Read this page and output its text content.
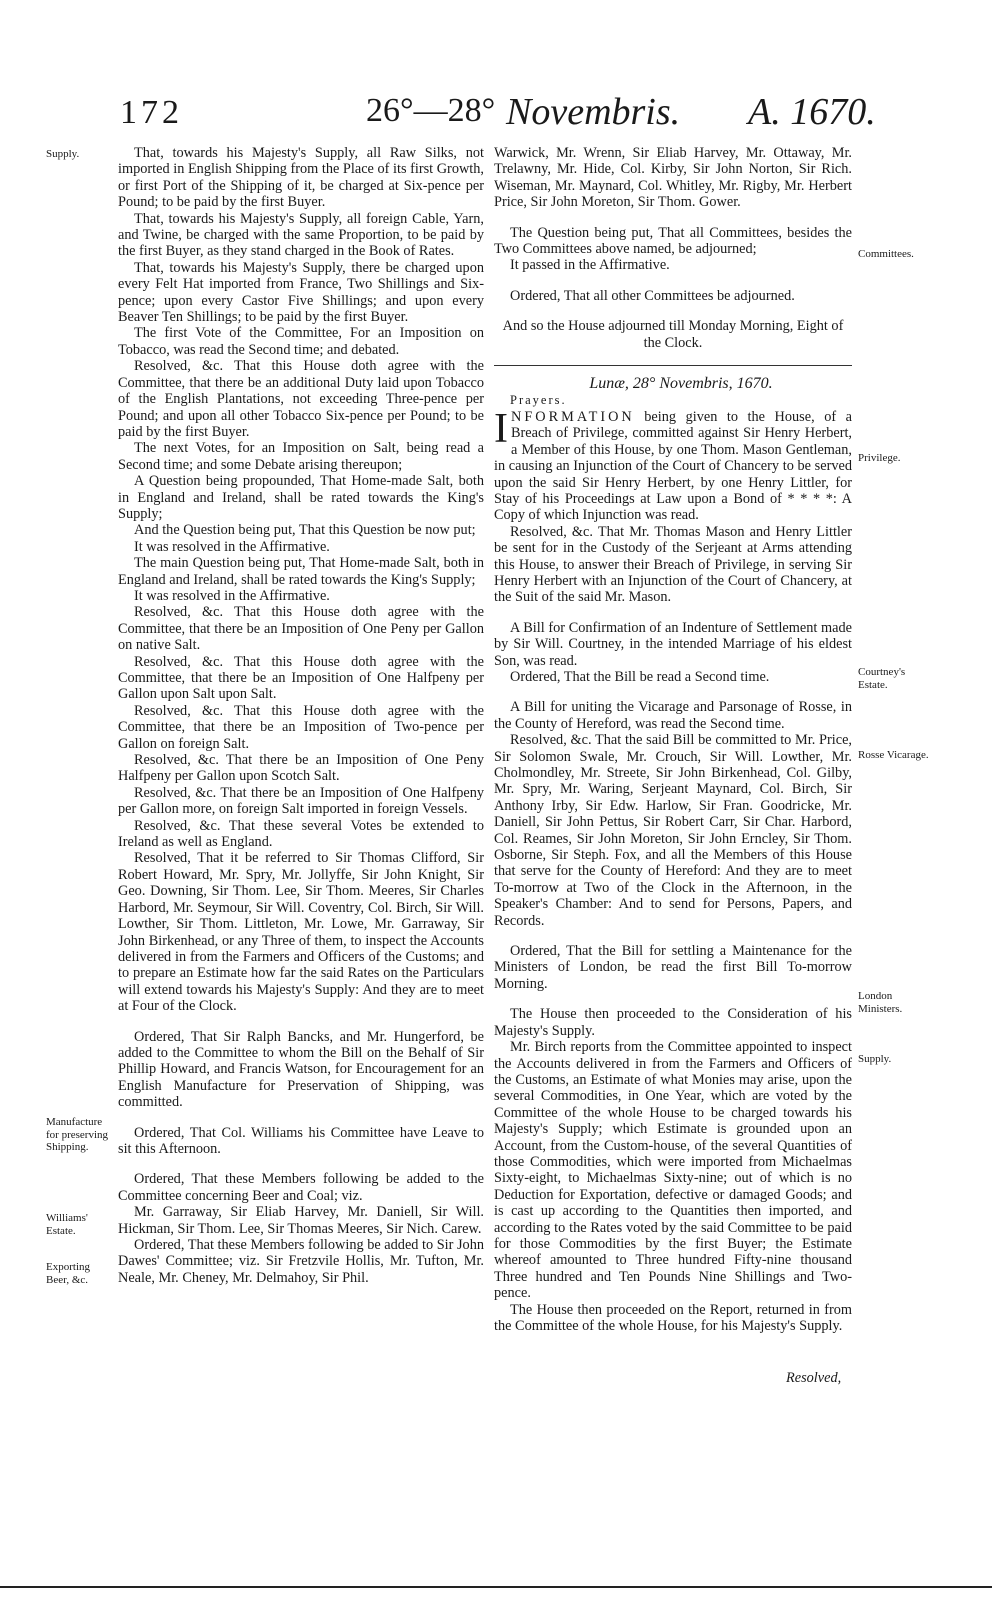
172	26°—28° Novembris. A. 1670.
Supply.
Manufacture for preserving Shipping.
Williams' Estate.
Exporting Beer, &c.
Committees.
Privilege.
Courtney's Estate.
Rosse Vicarage.
London Ministers.
Supply.

That, towards his Majesty's Supply, all Raw Silks, not imported in English Shipping from the Place of its first Growth, or first Port of the Shipping of it, be charged at Six-pence per Pound; to be paid by the first Buyer.

That, towards his Majesty's Supply, all foreign Cable, Yarn, and Twine, be charged with the same Proportion, to be paid by the first Buyer, as they stand charged in the Book of Rates.

That, towards his Majesty's Supply, there be charged upon every Felt Hat imported from France, Two Shillings and Six-pence; upon every Castor Five Shillings; and upon every Beaver Ten Shillings; to be paid by the first Buyer.

The first Vote of the Committee, For an Imposition on Tobacco, was read the Second time; and debated.

Resolved, &c. That this House doth agree with the Committee, that there be an additional Duty laid upon Tobacco of the English Plantations, not exceeding Three-pence per Pound; and upon all other Tobacco Six-pence per Pound; to be paid by the first Buyer.

The next Votes, for an Imposition on Salt, being read a Second time; and some Debate arising thereupon;

A Question being propounded, That Home-made Salt, both in England and Ireland, shall be rated towards the King's Supply;

And the Question being put, That this Question be now put;

It was resolved in the Affirmative.

The main Question being put, That Home-made Salt, both in England and Ireland, shall be rated towards the King's Supply;

It was resolved in the Affirmative.

Resolved, &c. That this House doth agree with the Committee, that there be an Imposition of One Peny per Gallon on native Salt.

Resolved, &c. That this House doth agree with the Committee, that there be an Imposition of One Halfpeny per Gallon upon Salt upon Salt.

Resolved, &c. That this House doth agree with the Committee, that there be an Imposition of Two-pence per Gallon on foreign Salt.

Resolved, &c. That there be an Imposition of One Peny Halfpeny per Gallon upon Scotch Salt.

Resolved, &c. That there be an Imposition of One Halfpeny per Gallon more, on foreign Salt imported in foreign Vessels.

Resolved, &c. That these several Votes be extended to Ireland as well as England.

Resolved, That it be referred to Sir Thomas Clifford, Sir Robert Howard, Mr. Spry, Mr. Jollyffe, Sir John Knight, Sir Geo. Downing, Sir Thom. Lee, Sir Thom. Meeres, Sir Charles Harbord, Mr. Seymour, Sir Will. Coventry, Col. Birch, Sir Will. Lowther, Sir Thom. Littleton, Mr. Lowe, Mr. Garraway, Sir John Birkenhead, or any Three of them, to inspect the Accounts delivered in from the Farmers and Officers of the Customs; and to prepare an Estimate how far the said Rates on the Particulars will extend towards his Majesty's Supply: And they are to meet at Four of the Clock.

Ordered, That Sir Ralph Bancks, and Mr. Hungerford, be added to the Committee to whom the Bill on the Behalf of Sir Phillip Howard, and Francis Watson, for Encouragement for an English Manufacture for Preservation of Shipping, was committed.

Ordered, That Col. Williams his Committee have Leave to sit this Afternoon.

Ordered, That these Members following be added to the Committee concerning Beer and Coal; viz.

Mr. Garraway, Sir Eliab Harvey, Mr. Daniell, Sir Will. Hickman, Sir Thom. Lee, Sir Thomas Meeres, Sir Nich. Carew.

Ordered, That these Members following be added to Sir John Dawes' Committee; viz. Sir Fretzvile Hollis, Mr. Tufton, Mr. Neale, Mr. Cheney, Mr. Delmahoy, Sir Phil.

Warwick, Mr. Wrenn, Sir Eliab Harvey, Mr. Ottaway, Mr. Trelawny, Mr. Hide, Col. Kirby, Sir John Norton, Sir Rich. Wiseman, Mr. Maynard, Col. Whitley, Mr. Rigby, Mr. Herbert Price, Sir John Moreton, Sir Thom. Gower.

The Question being put, That all Committees, besides the Two Committees above named, be adjourned;

It passed in the Affirmative.

Ordered, That all other Committees be adjourned.

And so the House adjourned till Monday Morning, Eight of the Clock.

Lunæ, 28° Novembris, 1670.

Prayers.

INFORMATION being given to the House, of a Breach of Privilege, committed against Sir Henry Herbert, a Member of this House, by one Thom. Mason Gentleman, in causing an Injunction of the Court of Chancery to be served upon the said Sir Henry Herbert, by one Henry Littler, for Stay of his Proceedings at Law upon a Bond of * * * *: A Copy of which Injunction was read.

Resolved, &c. That Mr. Thomas Mason and Henry Littler be sent for in the Custody of the Serjeant at Arms attending this House, to answer their Breach of Privilege, in serving Sir Henry Herbert with an Injunction of the Court of Chancery, at the Suit of the said Mr. Mason.

A Bill for Confirmation of an Indenture of Settlement made by Sir Will. Courtney, in the intended Marriage of his eldest Son, was read.

Ordered, That the Bill be read a Second time.

A Bill for uniting the Vicarage and Parsonage of Rosse, in the County of Hereford, was read the Second time.

Resolved, &c. That the said Bill be committed to Mr. Price, Sir Solomon Swale, Mr. Crouch, Sir Will. Lowther, Mr. Cholmondley, Mr. Streete, Sir John Birkenhead, Col. Gilby, Mr. Spry, Mr. Waring, Serjeant Maynard, Col. Birch, Sir Anthony Irby, Sir Edw. Harlow, Sir Fran. Goodricke, Mr. Daniell, Sir John Pettus, Sir Robert Carr, Sir Char. Harbord, Col. Reames, Sir John Moreton, Sir John Erncley, Sir Thom. Osborne, Sir Steph. Fox, and all the Members of this House that serve for the County of Hereford: And they are to meet To-morrow at Two of the Clock in the Afternoon, in the Speaker's Chamber: And to send for Persons, Papers, and Records.

Ordered, That the Bill for settling a Maintenance for the Ministers of London, be read the first Bill To-morrow Morning.

The House then proceeded to the Consideration of his Majesty's Supply.

Mr. Birch reports from the Committee appointed to inspect the Accounts delivered in from the Farmers and Officers of the Customs, an Estimate of what Monies may arise, upon the several Commodities, in One Year, which are voted by the Committee of the whole House to be charged towards his Majesty's Supply; which Estimate is grounded upon an Account, from the Custom-house, of the several Quantities of those Commodities, which were imported from Michaelmas Sixty-eight, to Michaelmas Sixty-nine; out of which is no Deduction for Exportation, defective or damaged Goods; and is cast up according to the Quantities then imported, and according to the Rates voted by the said Committee to be paid for those Commodities by the first Buyer; the Estimate whereof amounted to Three hundred Fifty-nine thousand Three hundred and Ten Pounds Nine Shillings and Two-pence.

The House then proceeded on the Report, returned in from the Committee of the whole House, for his Majesty's Supply.

Resolved,
